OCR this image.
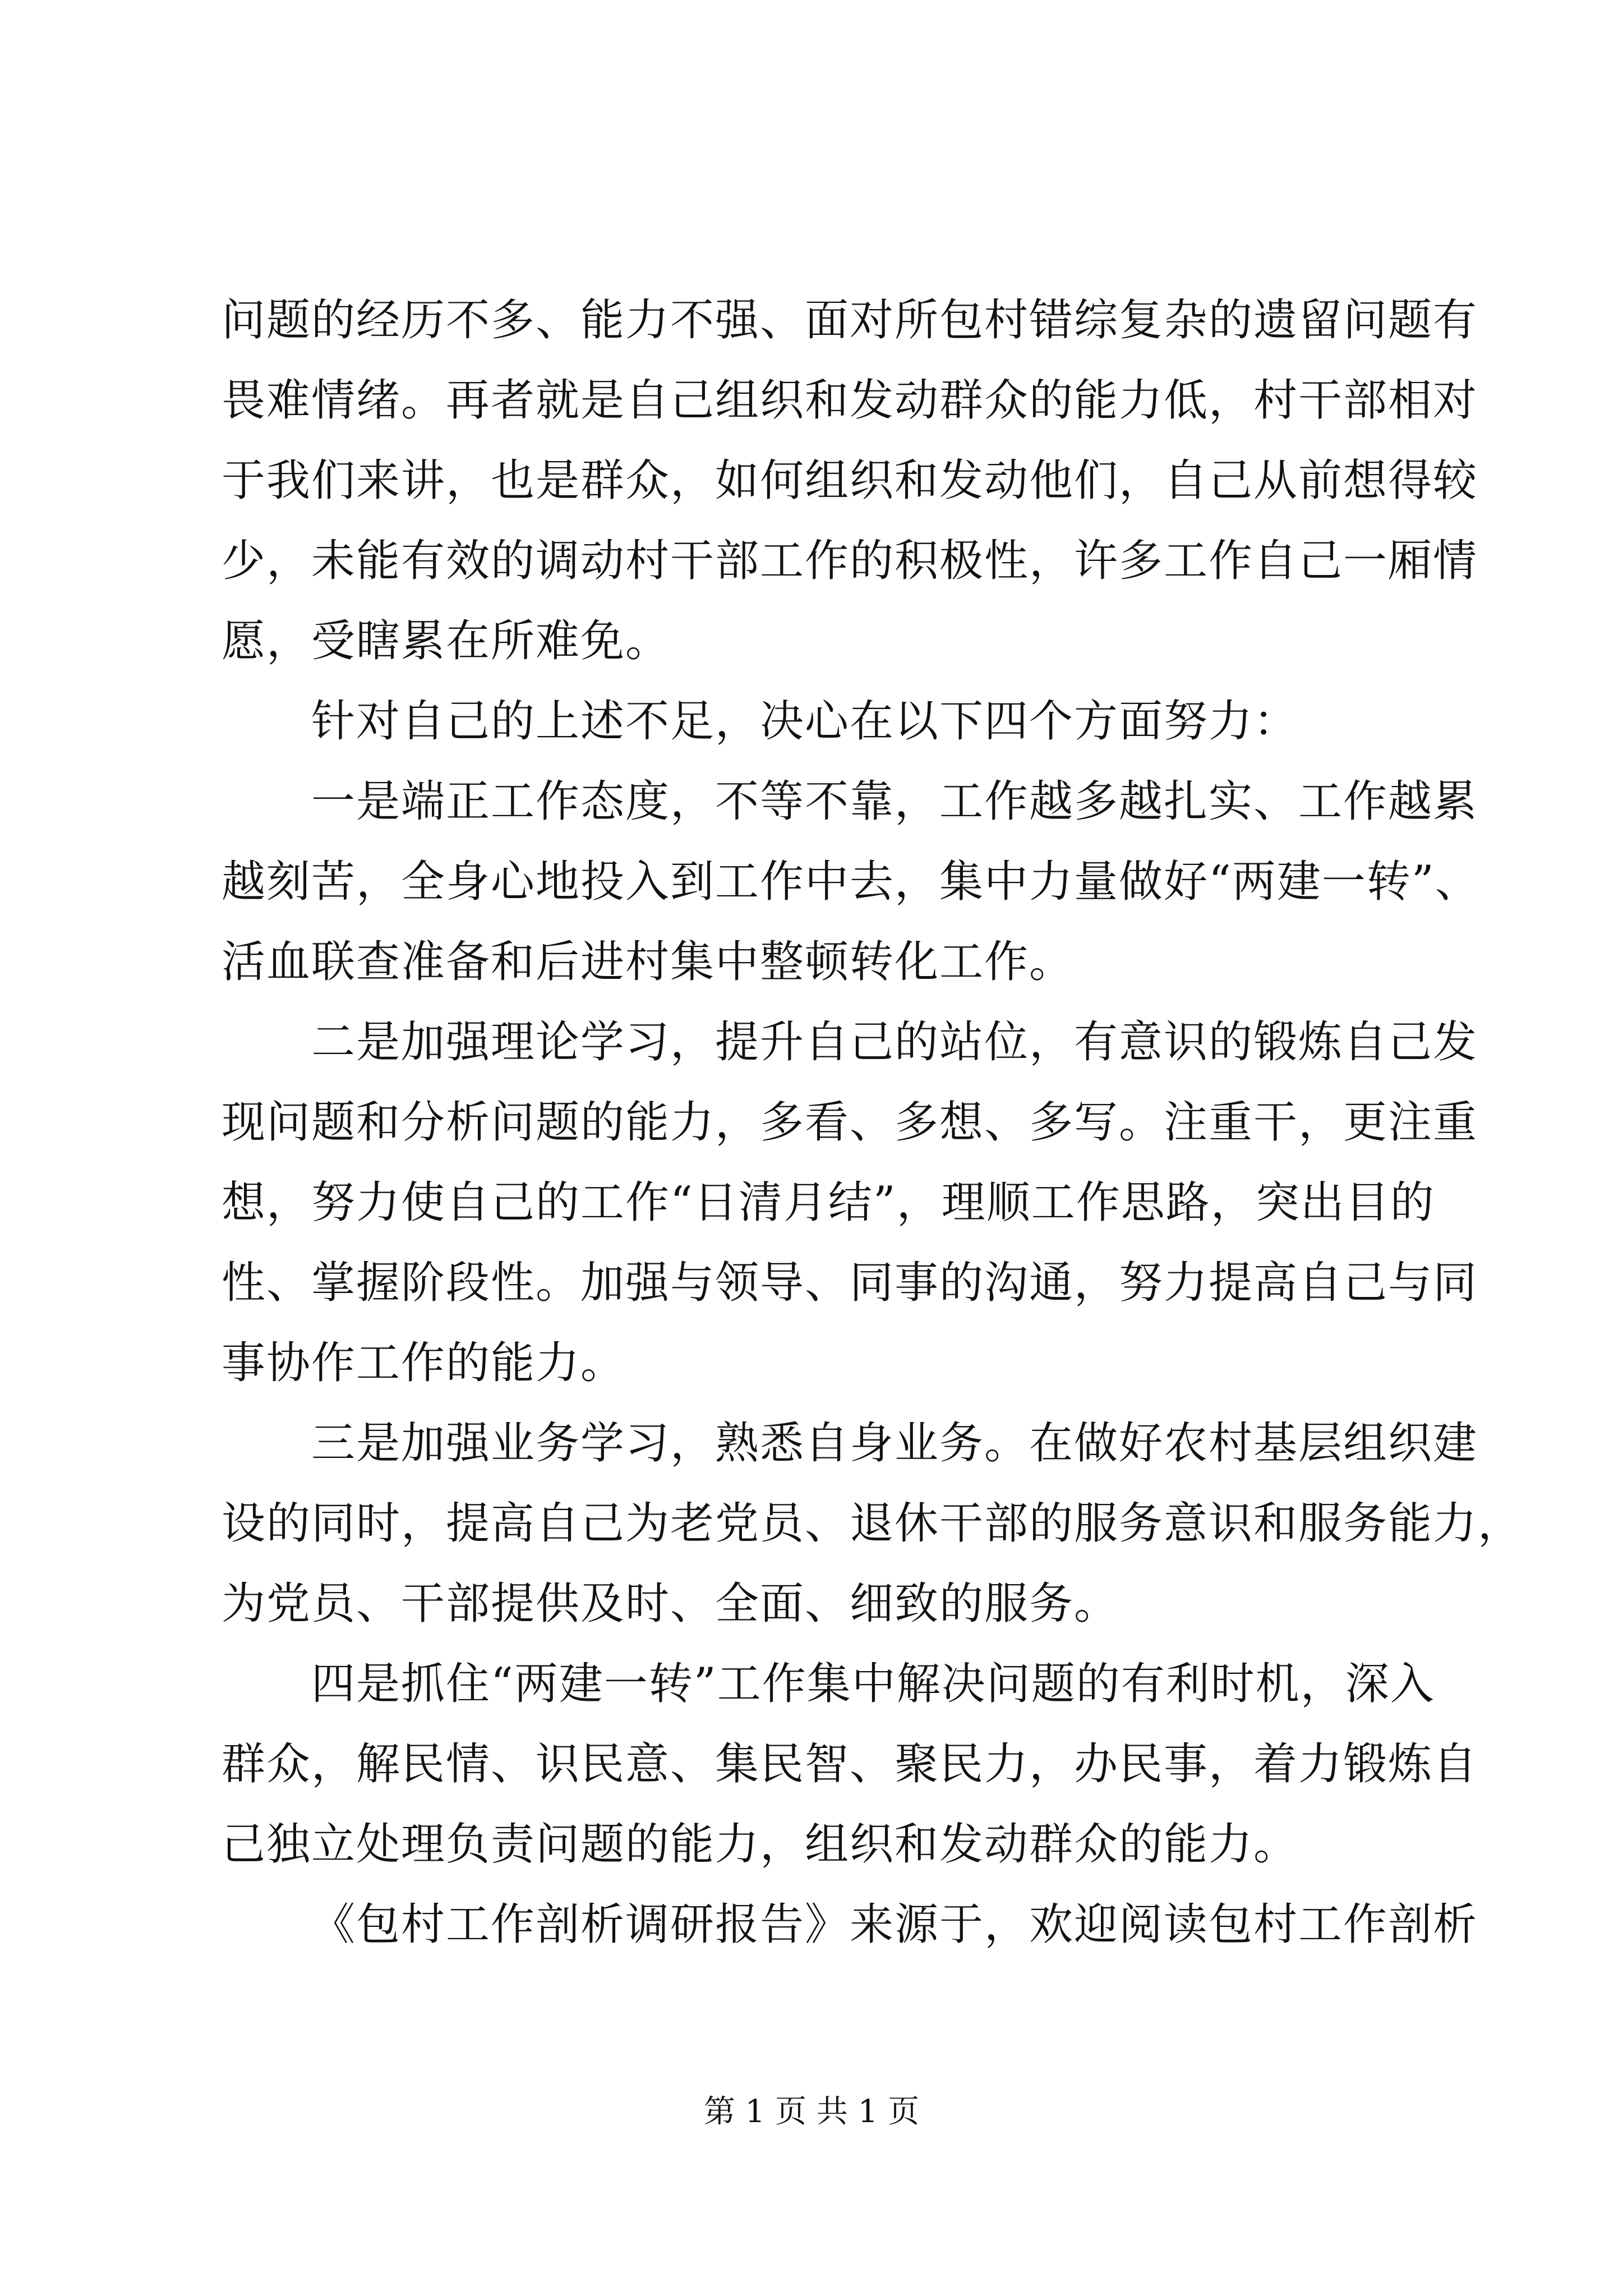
问题的经历不多、能力不强、面对所包村错综复杂的遗留问题有
畏难情绪。再者就是自己组织和发动群众的能力低，村干部相对
于我们来讲，也是群众，如何组织和发动他们，自己从前想得较
少，未能有效的调动村干部工作的积极性，许多工作自己一厢情
愿，受瞎累在所难免。
针对自己的上述不足，决心在以下四个方面努力：
一是端正工作态度，不等不靠，工作越多越扎实、工作越累
越刻苦，全身心地投入到工作中去，集中力量做好“两建一转”、
活血联查准备和后进村集中整顿转化工作。
二是加强理论学习，提升自己的站位，有意识的锻炼自己发
现问题和分析问题的能力，多看、多想、多写。注重干，更注重
想，努力使自己的工作“日清月结”，理顺工作思路，突出目的
性、掌握阶段性。加强与领导、同事的沟通，努力提高自己与同
事协作工作的能力。
三是加强业务学习，熟悉自身业务。在做好农村基层组织建
设的同时，提高自己为老党员、退休干部的服务意识和服务能力，
为党员、干部提供及时、全面、细致的服务。
四是抓住“两建一转”工作集中解决问题的有利时机，深入
群众，解民情、识民意、集民智、聚民力，办民事，着力锻炼自
己独立处理负责问题的能力，组织和发动群众的能力。
《包村工作剖析调研报告》来源于，欢迎阅读包村工作剖析
第 1 页 共 1 页
